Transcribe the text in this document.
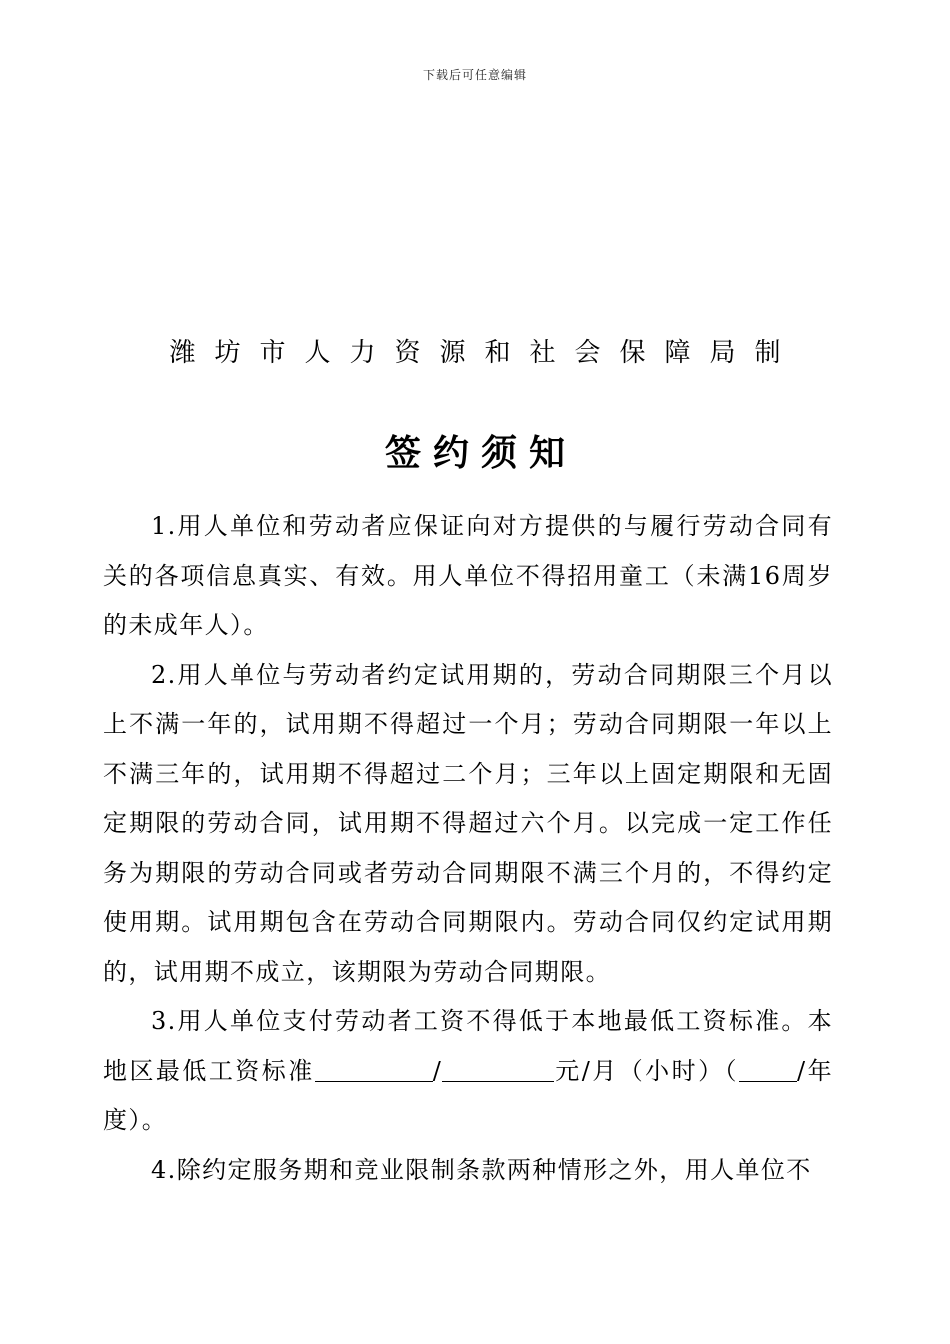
下载后可任意编辑
潍坊市人力资源和社会保障局制
签约须知

1.用人单位和劳动者应保证向对方提供的与履行劳动合同有关的各项信息真实、有效。用人单位不得招用童工（未满16周岁的未成年人）。

2.用人单位与劳动者约定试用期的，劳动合同期限三个月以上不满一年的，试用期不得超过一个月；劳动合同期限一年以上不满三年的，试用期不得超过二个月；三年以上固定期限和无固定期限的劳动合同，试用期不得超过六个月。以完成一定工作任务为期限的劳动合同或者劳动合同期限不满三个月的，不得约定使用期。试用期包含在劳动合同期限内。劳动合同仅约定试用期的，试用期不成立，该期限为劳动合同期限。

3.用人单位支付劳动者工资不得低于本地最低工资标准。本地区最低工资标准	/	元/月（小时）（ /年度）。

4.除约定服务期和竞业限制条款两种情形之外，用人单位不
